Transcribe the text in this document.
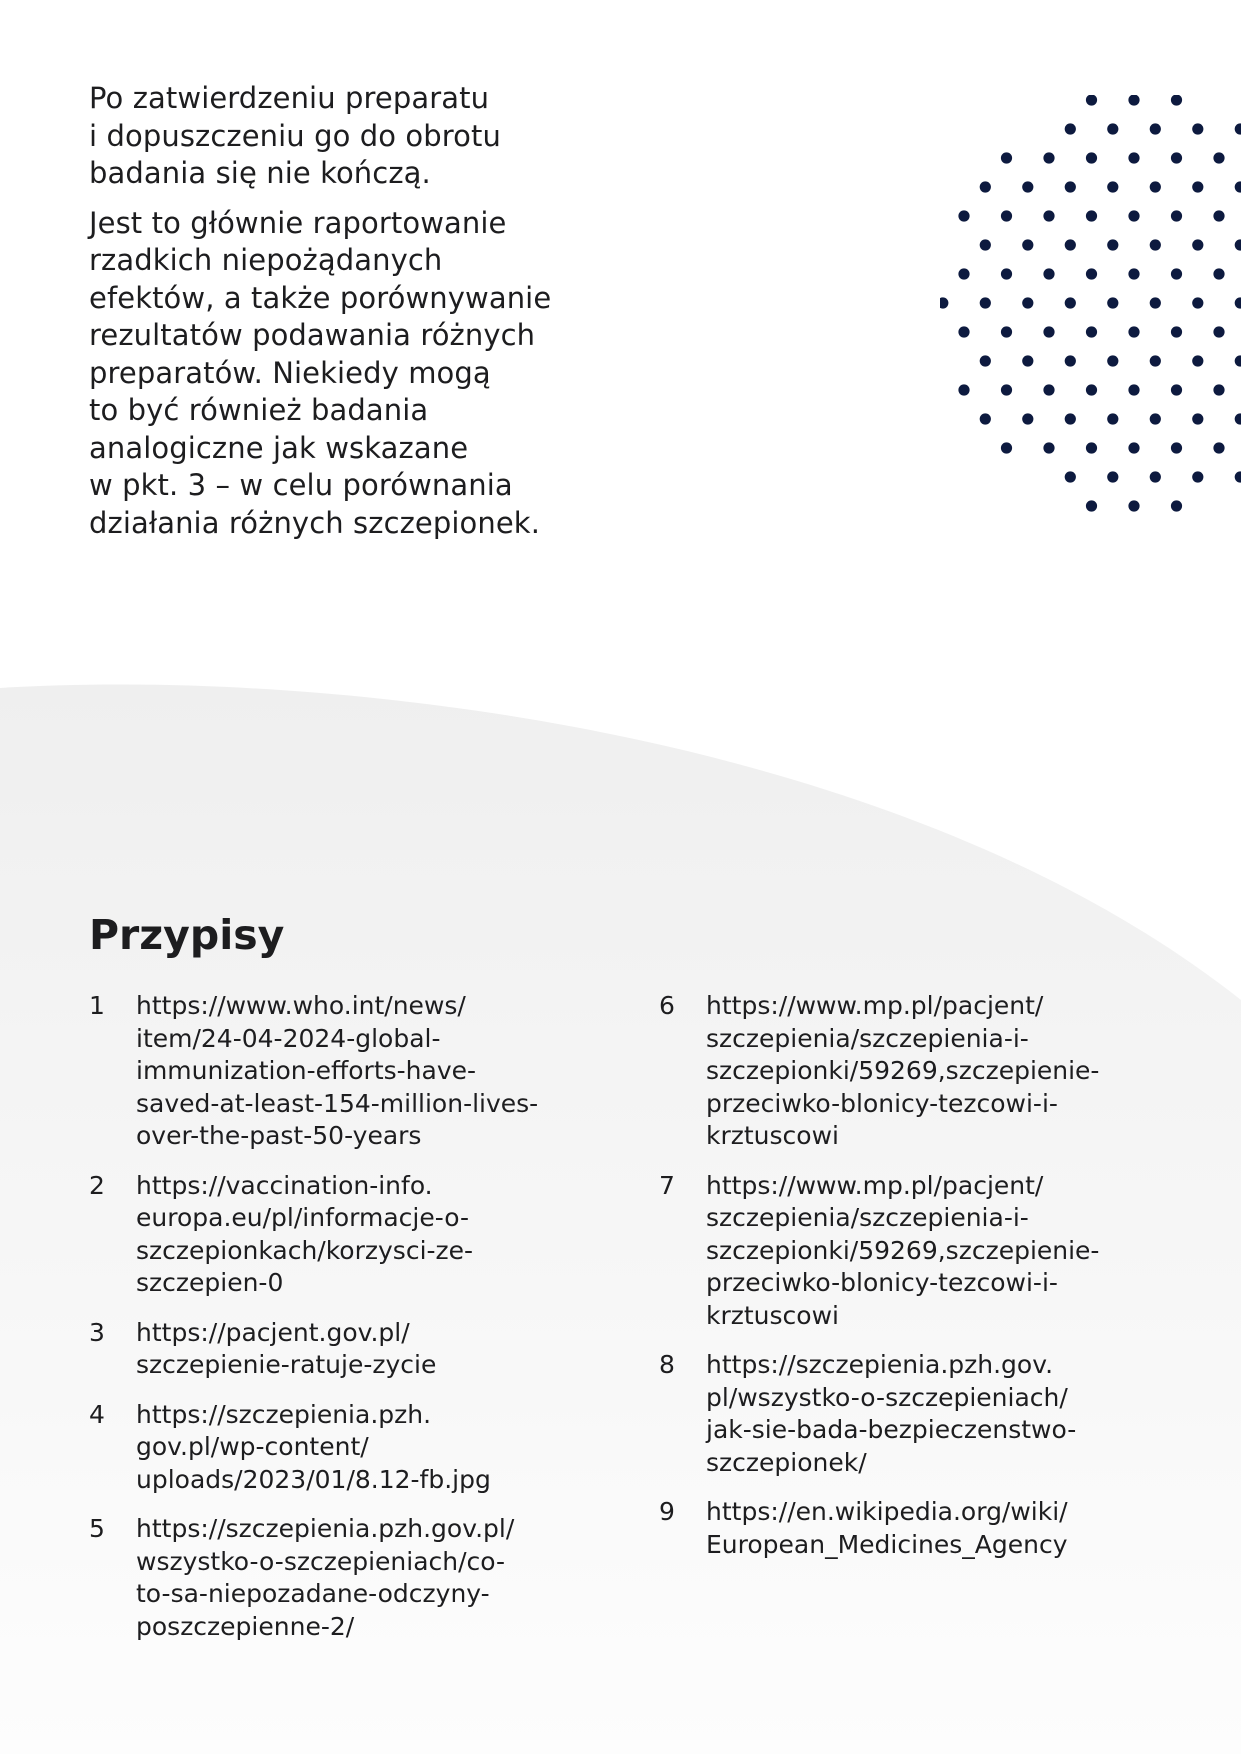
Po zatwierdzeniu preparatu
i dopuszczeniu go do obrotu
badania się nie kończą.

Jest to głównie raportowanie
rzadkich niepożądanych
efektów, a także porównywanie
rezultatów podawania różnych
preparatów. Niekiedy mogą
to być również badania
analogiczne jak wskazane
w pkt. 3 – w celu porównania
działania różnych szczepionek.

Przypisy
1	https://www.who.int/news/
item/24-04-2024-global-
immunization-efforts-have-
saved-at-least-154-million-lives-
over-the-past-50-years
2	https://vaccination-info.
europa.eu/pl/informacje-o-
szczepionkach/korzysci-ze-
szczepien-0
3	https://pacjent.gov.pl/
szczepienie-ratuje-zycie
4	https://szczepienia.pzh.
gov.pl/wp-content/
uploads/2023/01/8.12-fb.jpg
5	https://szczepienia.pzh.gov.pl/
wszystko-o-szczepieniach/co-
to-sa-niepozadane-odczyny-
poszczepienne-2/
6	https://www.mp.pl/pacjent/
szczepienia/szczepienia-i-
szczepionki/59269,szczepienie-
przeciwko-blonicy-tezcowi-i-
krztuscowi
7	https://www.mp.pl/pacjent/
szczepienia/szczepienia-i-
szczepionki/59269,szczepienie-
przeciwko-blonicy-tezcowi-i-
krztuscowi
8	https://szczepienia.pzh.gov.
pl/wszystko-o-szczepieniach/
jak-sie-bada-bezpieczenstwo-
szczepionek/
9	https://en.wikipedia.org/wiki/
European_Medicines_Agency
